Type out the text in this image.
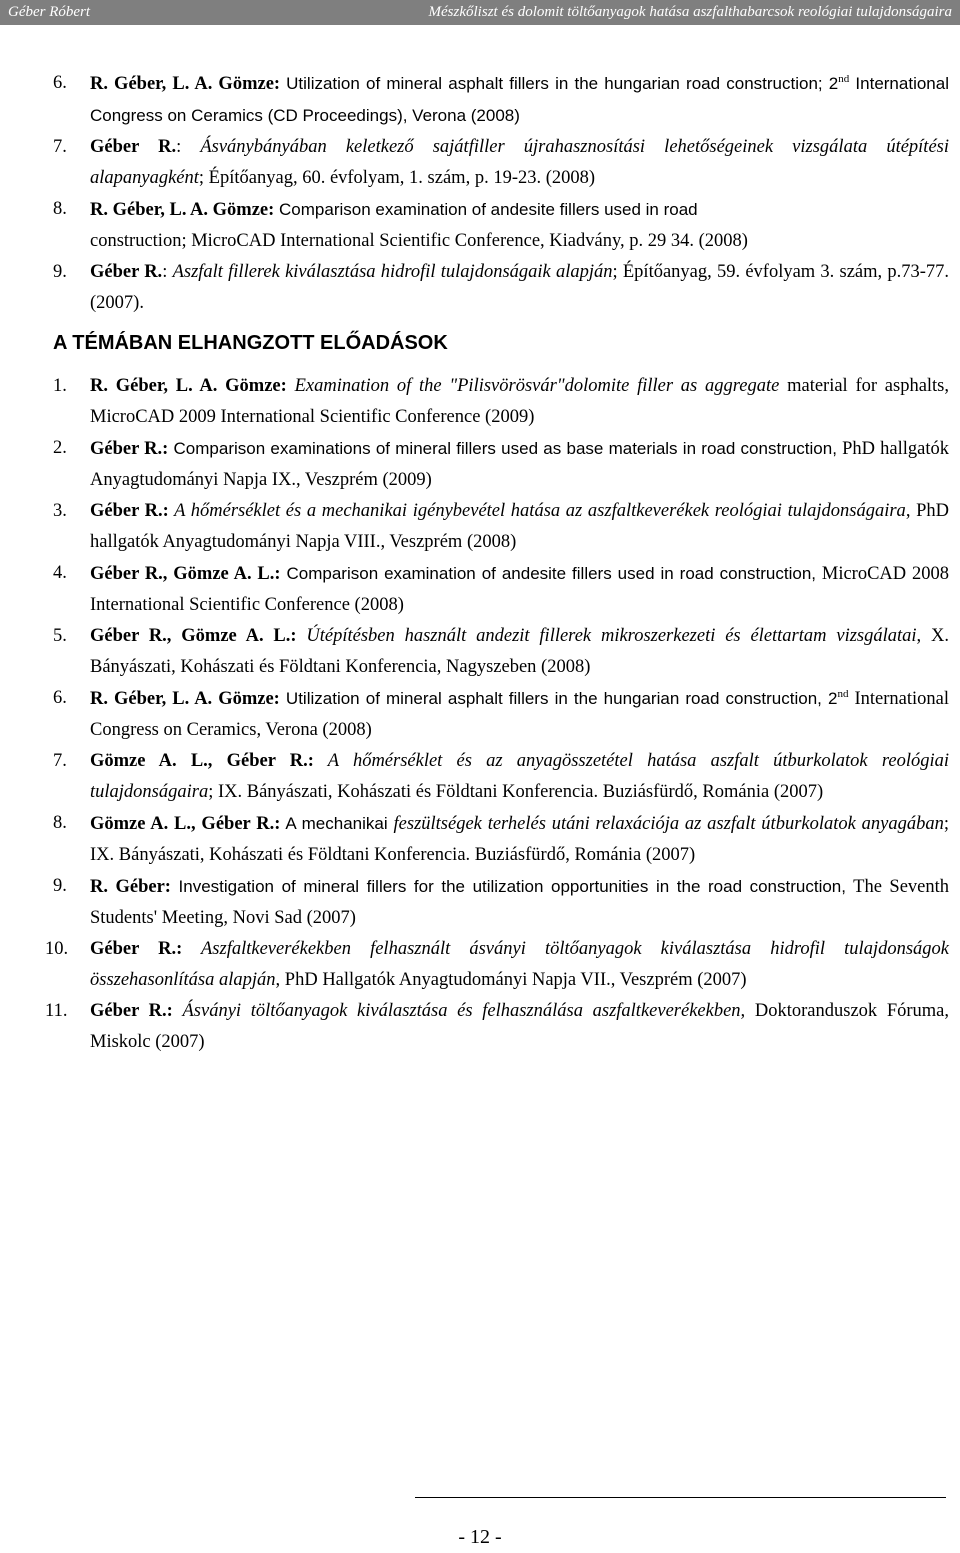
Géber Róbert	Mészkőliszt és dolomit töltőanyagok hatása aszfalthabarcsok reológiai tulajdonságaira
6. R. Géber, L. A. Gömze: Utilization of mineral asphalt fillers in the hungarian road construction; 2nd International Congress on Ceramics (CD Proceedings), Verona (2008)
7. Géber R.: Ásványbányában keletkező sajátfiller újrahasznosítási lehetőségeinek vizsgálata útépítési alapanyagként; Építőanyag, 60. évfolyam, 1. szám, p. 19-23. (2008)
8. R. Géber, L. A. Gömze: Comparison examination of andesite fillers used in road
construction; MicroCAD International Scientific Conference, Kiadvány, p. 29 34. (2008)
9. Géber R.: Aszfalt fillerek kiválasztása hidrofil tulajdonságaik alapján; Építőanyag, 59. évfolyam 3. szám, p.73-77. (2007).
A TÉMÁBAN ELHANGZOTT ELŐADÁSOK
1. R. Géber, L. A. Gömze: Examination of the "Pilisvörösvár"dolomite filler as aggregate material for asphalts, MicroCAD 2009 International Scientific Conference (2009)
2. Géber R.: Comparison examinations of mineral fillers used as base materials in road construction, PhD hallgatók Anyagtudományi Napja IX., Veszprém (2009)
3. Géber R.: A hőmérséklet és a mechanikai igénybevétel hatása az aszfaltkeverékek reológiai tulajdonságaira, PhD hallgatók Anyagtudományi Napja VIII., Veszprém (2008)
4. Géber R., Gömze A. L.: Comparison examination of andesite fillers used in road construction, MicroCAD 2008 International Scientific Conference (2008)
5. Géber R., Gömze A. L.: Útépítésben használt andezit fillerek mikroszerkezeti és élettartam vizsgálatai, X. Bányászati, Kohászati és Földtani Konferencia, Nagyszeben (2008)
6. R. Géber, L. A. Gömze: Utilization of mineral asphalt fillers in the hungarian road construction, 2nd International Congress on Ceramics, Verona (2008)
7. Gömze A. L., Géber R.: A hőmérséklet és az anyagösszetétel hatása aszfalt útburkolatok reológiai tulajdonságaira; IX. Bányászati, Kohászati és Földtani Konferencia. Buziásfürdő, Románia (2007)
8. Gömze A. L., Géber R.: A mechanikai feszültségek terhelés utáni relaxációja az aszfalt útburkolatok anyagában; IX. Bányászati, Kohászati és Földtani Konferencia. Buziásfürdő, Románia (2007)
9. R. Géber: Investigation of mineral fillers for the utilization opportunities in the road construction, The Seventh Students' Meeting, Novi Sad (2007)
10. Géber R.: Aszfaltkeverékekben felhasznált ásványi töltőanyagok kiválasztása hidrofil tulajdonságok összehasonlítása alapján, PhD Hallgatók Anyagtudományi Napja VII., Veszprém (2007)
11. Géber R.: Ásványi töltőanyagok kiválasztása és felhasználása aszfaltkeverékekben, Doktoranduszok Fóruma, Miskolc (2007)
- 12 -
